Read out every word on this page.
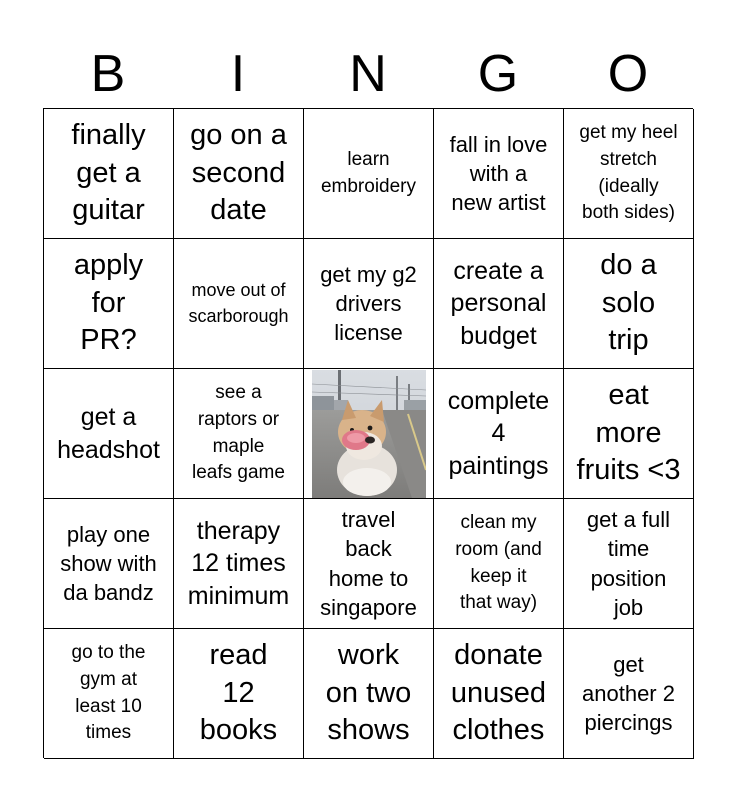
B	I	N	G	O
finally
get a
guitar
go on a
second
date
learn
embroidery
fall in love
with a
new artist
get my heel
stretch
(ideally
both sides)
apply
for
PR?
move out of
scarborough
get my g2
drivers
license
create a
personal
budget
do a
solo
trip
get a
headshot
see a
raptors or
maple
leafs game
complete
4
paintings
eat
more
fruits <3
play one
show with
da bandz
therapy
12 times
minimum
travel
back
home to
singapore
clean my
room (and
keep it
that way)
get a full
time
position
job
go to the
gym at
least 10
times
read
12
books
work
on two
shows
donate
unused
clothes
get
another 2
piercings
